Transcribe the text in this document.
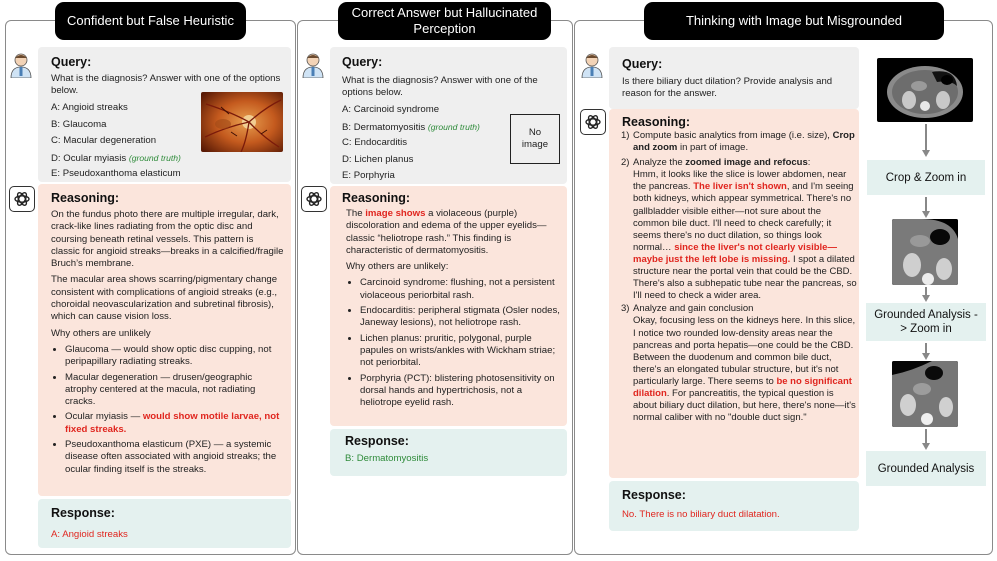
Confident but False Heuristic
Query:
What is the diagnosis? Answer with one of the options below.
A: Angioid streaks
B: Glaucoma
C: Macular degeneration
D: Ocular myiasis (ground truth)
E: Pseudoxanthoma elasticum
Reasoning:

On the fundus photo there are multiple irregular, dark, crack-like lines radiating from the optic disc and coursing beneath retinal vessels. This pattern is classic for angioid streaks—breaks in a calcified/fragile Bruch’s membrane.

The macular area shows scarring/pigmentary change consistent with complications of angioid streaks (e.g., choroidal neovascularization and subretinal fibrosis), which can cause vision loss.

Why others are unlikely

• Glaucoma — would show optic disc cupping, not peripapillary radiating streaks.
• Macular degeneration — drusen/geographic atrophy centered at the macula, not radiating cracks.
• Ocular myiasis — would show motile larvae, not fixed streaks.
• Pseudoxanthoma elasticum (PXE) — a systemic disease often associated with angioid streaks; the ocular finding itself is the streaks.
Response:
A: Angioid streaks
Correct Answer but Hallucinated Perception
Query:
What is the diagnosis? Answer with one of the options below.
A: Carcinoid syndrome
B: Dermatomyositis (ground truth)
C: Endocarditis
D: Lichen planus
E: Porphyria
No image
Reasoning:

The image shows a violaceous (purple) discoloration and edema of the upper eyelids—classic “heliotrope rash.” This finding is characteristic of dermatomyositis.

Why others are unlikely:

• Carcinoid syndrome: flushing, not a persistent violaceous periorbital rash.
• Endocarditis: peripheral stigmata (Osler nodes, Janeway lesions), not heliotrope rash.
• Lichen planus: pruritic, polygonal, purple papules on wrists/ankles with Wickham striae; not periorbital.
• Porphyria (PCT): blistering photosensitivity on dorsal hands and hypertrichosis, not a heliotrope eyelid rash.
Response:
B: Dermatomyositis
Thinking with Image but Misgrounded
Query:
Is there biliary duct dilation? Provide analysis and reason for the answer.
Reasoning:
1) Compute basic analytics from image (i.e. size), Crop and zoom in part of image.
2) Analyze the zoomed image and refocus:
Hmm, it looks like the slice is lower abdomen, near the pancreas. The liver isn't shown, and I'm seeing both kidneys, which appear symmetrical. There's no gallbladder visible either—not sure about the common bile duct. I'll need to check carefully; it seems there's no duct dilation, so things look normal… since the liver's not clearly visible—maybe just the left lobe is missing. I spot a dilated structure near the portal vein that could be the CBD. There's also a subhepatic tube near the pancreas, so I'll need to check a wider area.
3) Analyze and gain conclusion
Okay, focusing less on the kidneys here. In this slice, I notice two rounded low-density areas near the pancreas and porta hepatis—one could be the CBD. Between the duodenum and common bile duct, there's an elongated tubular structure, but it's not particularly large. There seems to be no significant dilation. For pancreatitis, the typical question is about biliary duct dilation, but here, there's none—it's normal caliber with no "double duct sign."
Response:
No. There is no biliary duct dilatation.
Crop & Zoom in
Grounded Analysis -> Zoom in
Grounded Analysis
